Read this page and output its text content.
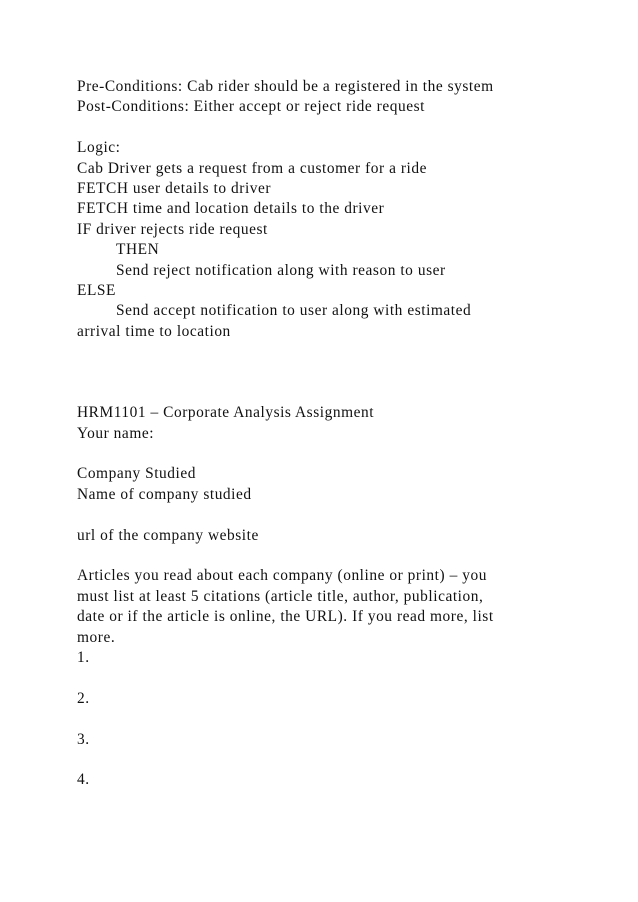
Pre-Conditions: Cab rider should be a registered in the system
Post-Conditions: Either accept or reject ride request
Logic:
Cab Driver gets a request from a customer for a ride
FETCH user details to driver
FETCH time and location details to the driver
IF driver rejects ride request
THEN
Send reject notification along with reason to user
ELSE
Send accept notification to user along with estimated
arrival time to location
HRM1101 – Corporate Analysis Assignment
Your name:
Company Studied
Name of company studied
url of the company website
Articles you read about each company (online or print) – you
must list at least 5 citations (article title, author, publication,
date or if the article is online, the URL). If you read more, list
more.
1.
2.
3.
4.
